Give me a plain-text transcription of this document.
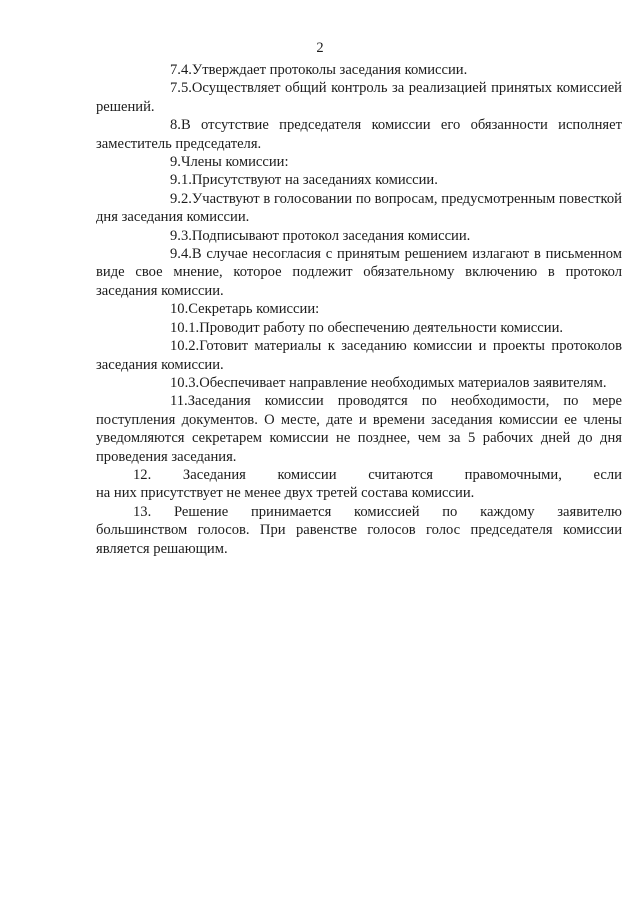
2

7.4.Утверждает протоколы заседания комиссии.

7.5.Осуществляет общий контроль за реализацией принятых комиссией решений.

8.В отсутствие председателя комиссии его обязанности исполняет заместитель председателя.

9.Члены комиссии:

9.1.Присутствуют на заседаниях комиссии.

9.2.Участвуют в голосовании по вопросам, предусмотренным повесткой дня заседания комиссии.

9.3.Подписывают протокол заседания комиссии.

9.4.В случае несогласия с принятым решением излагают в письменном виде свое мнение, которое подлежит обязательному включению в протокол заседания комиссии.

10.Секретарь комиссии:

10.1.Проводит работу по обеспечению деятельности комиссии.

10.2.Готовит материалы к заседанию комиссии и проекты протоколов заседания комиссии.

10.3.Обеспечивает направление необходимых материалов заявителям.

11.Заседания комиссии проводятся по необходимости, по мере поступления документов. О месте, дате и времени заседания комиссии ее члены уведомляются секретарем комиссии не позднее, чем за 5 рабочих дней до дня проведения заседания.

12. Заседания комиссии считаются правомочными, если
на них присутствует не менее двух третей состава комиссии.
13. Решение принимается комиссией по каждому заявителю
большинством голосов. При равенстве голосов голос председателя комиссии является решающим.
